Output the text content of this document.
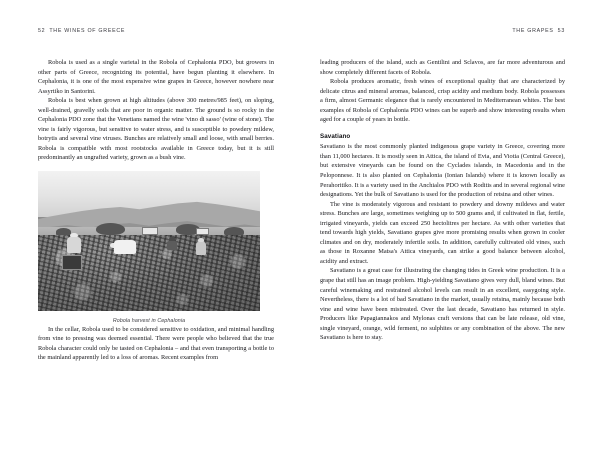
52 THE WINES OF GREECE

Robola is used as a single varietal in the Robola of Cephalonia PDO, but growers in other parts of Greece, recognizing its potential, have begun planting it elsewhere. In Cephalonia, it is one of the most expensive wine grapes in Greece, however nowhere near Assyrtiko in Santorini.

Robola is best when grown at high altitudes (above 300 metres/985 feet), on sloping, well-drained, gravelly soils that are poor in organic matter. The ground is so rocky in the Cephalonia PDO zone that the Venetians named the wine 'vino di sasso' (wine of stone). The vine is fairly vigorous, but sensitive to water stress, and is susceptible to powdery mildew, botrytis and several vine viruses. Bunches are relatively small and loose, with small berries. Robola is compatible with most rootstocks available in Greece today, but it is still predominantly an ungrafted variety, grown as a bush vine.

Robola harvest in Cephalonia

In the cellar, Robola used to be considered sensitive to oxidation, and minimal handling from vine to pressing was deemed essential. There were people who believed that the true Robola character could only be tasted on Cephalonia – and that even transporting a bottle to the mainland apparently led to a loss of aromas. Recent examples from

THE GRAPES 53

leading producers of the island, such as Gentilini and Sclavos, are far more adventurous and show completely different facets of Robola.

Robola produces aromatic, fresh wines of exceptional quality that are characterized by delicate citrus and mineral aromas, balanced, crisp acidity and medium body. Robola possesses a firm, almost Germanic elegance that is rarely encountered in Mediterranean whites. The best examples of Robola of Cephalonia PDO wines can be superb and show interesting results when aged for a couple of years in bottle.

Savatiano

Savatiano is the most commonly planted indigenous grape variety in Greece, covering more than 11,000 hectares. It is mostly seen in Attica, the island of Evia, and Viotia (Central Greece), but extensive vineyards can be found on the Cyclades islands, in Macedonia and in the Peloponnese. It is also planted on Cephalonia (Ionian Islands) where it is known locally as Perahoritiko. It is a variety used in the Anchialos PDO with Roditis and in several regional wine designations. Yet the bulk of Savatiano is used for the production of retsina and other wines.

The vine is moderately vigorous and resistant to powdery and downy mildews and water stress. Bunches are large, sometimes weighing up to 500 grams and, if cultivated in flat, fertile, irrigated vineyards, yields can exceed 250 hectolitres per hectare. As with other varieties that tend towards high yields, Savatiano grapes give more promising results when grown in cooler climates and on dry, moderately infertile soils. In addition, carefully cultivated old vines, such as those in Roxanne Matsa's Attica vineyards, can strike a good balance between alcohol, acidity and extract.

Savatiano is a great case for illustrating the changing tides in Greek wine production. It is a grape that still has an image problem. High-yielding Savatiano gives very dull, bland wines. But careful winemaking and restrained alcohol levels can result in an excellent, easygoing style. Nevertheless, there is a lot of bad Savatiano in the market, usually retsina, mainly because both vine and wine have been mistreated. Over the last decade, Savatiano has returned in style. Producers like Papagiannakos and Mylonas craft versions that can be late release, old vine, single vineyard, orange, wild ferment, no sulphites or any combination of the above. The new Savatiano is here to stay.
